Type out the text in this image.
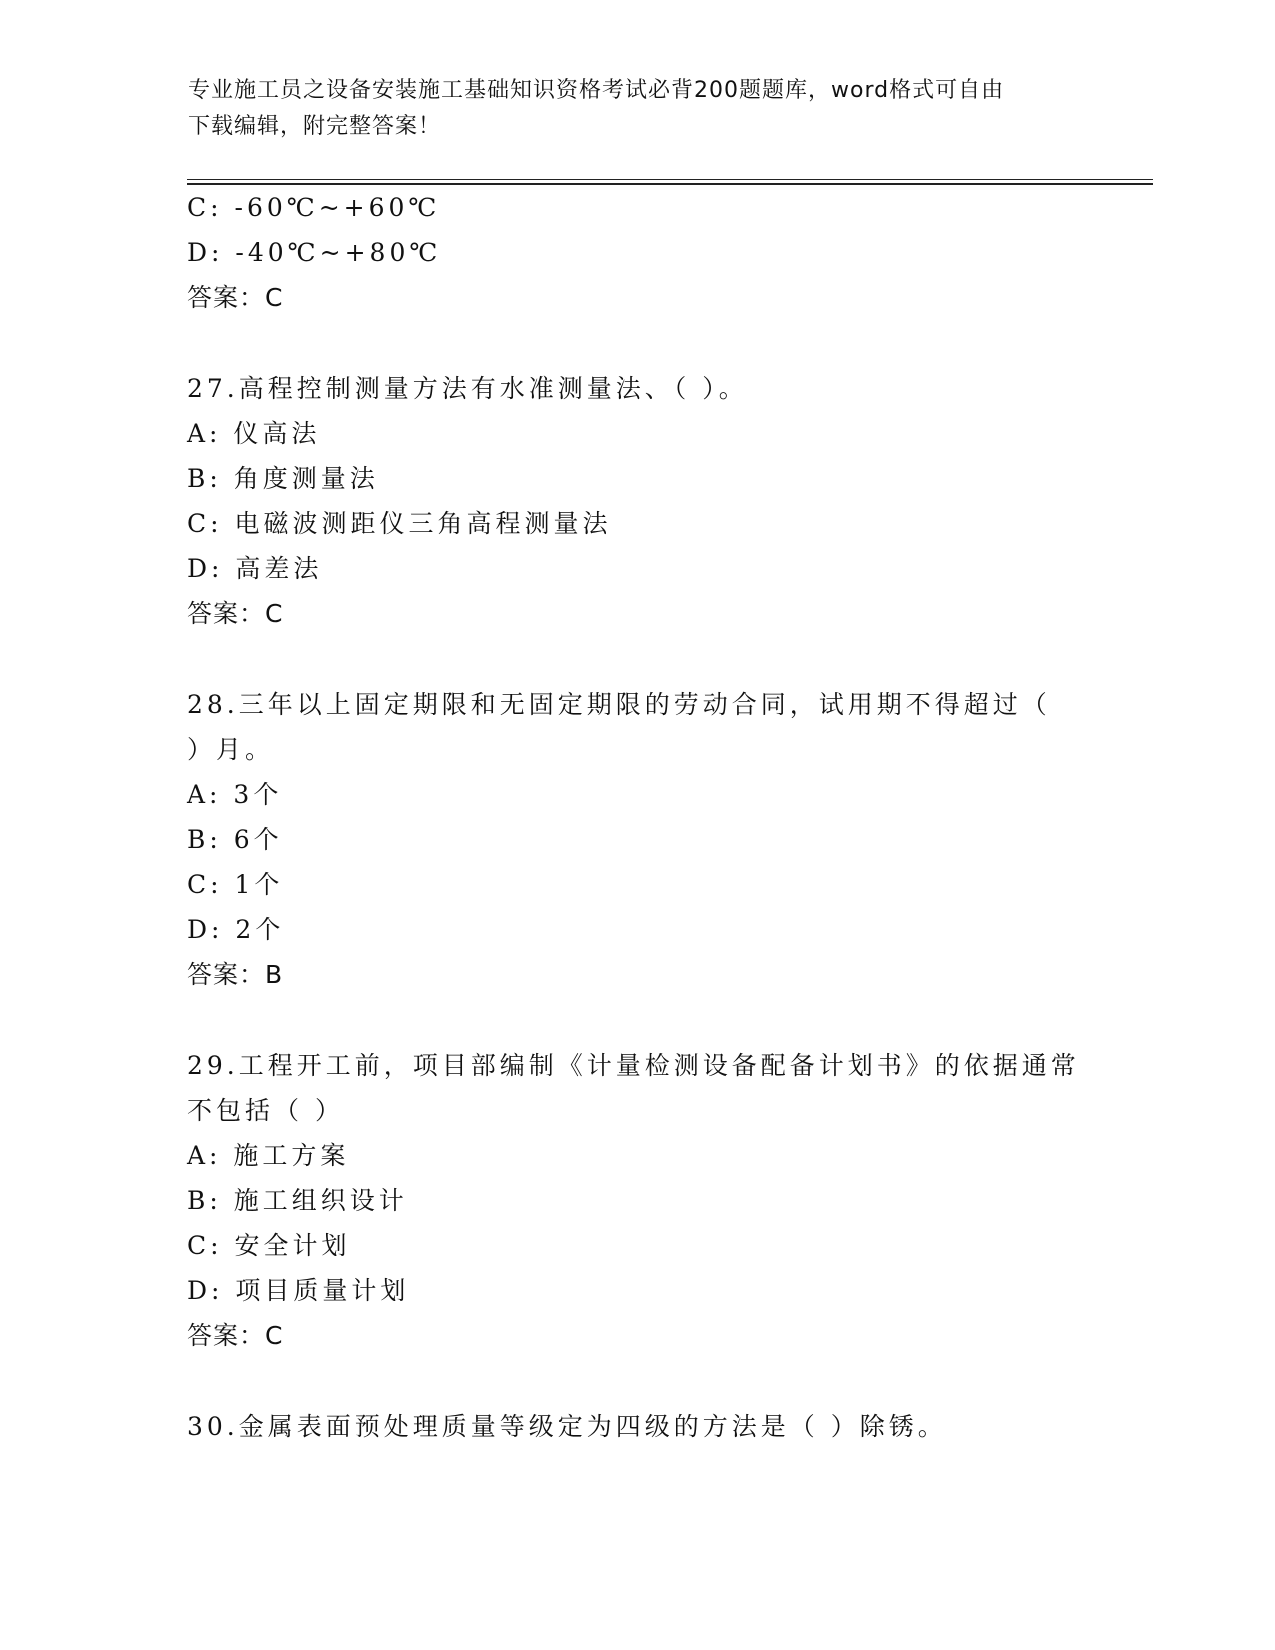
专业施工员之设备安装施工基础知识资格考试必背200题题库，word格式可自由
下载编辑，附完整答案！
C: -60℃~+60℃
D: -40℃~+80℃
答案：C
27.高程控制测量方法有水准测量法、（ ）。
A: 仪高法
B: 角度测量法
C: 电磁波测距仪三角高程测量法
D: 高差法
答案：C
28.三年以上固定期限和无固定期限的劳动合同，试用期不得超过（
）月。
A: 3个
B: 6个
C: 1个
D: 2个
答案：B
29.工程开工前，项目部编制《计量检测设备配备计划书》的依据通常
不包括（ ）
A: 施工方案
B: 施工组织设计
C: 安全计划
D: 项目质量计划
答案：C
30.金属表面预处理质量等级定为四级的方法是（ ）除锈。
